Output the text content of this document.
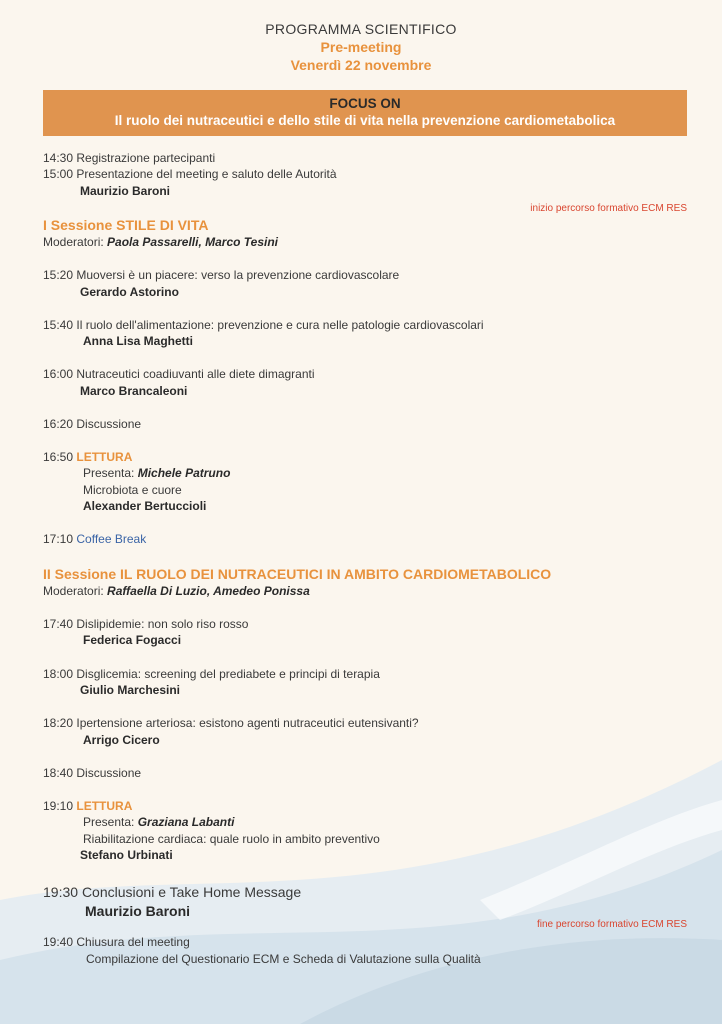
PROGRAMMA SCIENTIFICO
Pre-meeting
Venerdì 22 novembre
FOCUS ON
Il ruolo dei nutraceutici e dello stile di vita nella prevenzione cardiometabolica
14:30 Registrazione partecipanti
15:00 Presentazione del meeting e saluto delle Autorità
Maurizio Baroni
inizio percorso formativo ECM RES
I Sessione STILE DI VITA
Moderatori: Paola Passarelli, Marco Tesini
15:20 Muoversi è un piacere: verso la prevenzione cardiovascolare
Gerardo Astorino
15:40 Il ruolo dell'alimentazione: prevenzione e cura nelle patologie cardiovascolari
Anna Lisa Maghetti
16:00 Nutraceutici coadiuvanti alle diete dimagranti
Marco Brancaleoni
16:20 Discussione
16:50 LETTURA
Presenta: Michele Patruno
Microbiota e cuore
Alexander Bertuccioli
17:10 Coffee Break
II Sessione IL RUOLO DEI NUTRACEUTICI IN AMBITO CARDIOMETABOLICO
Moderatori: Raffaella Di Luzio, Amedeo Ponissa
17:40 Dislipidemie: non solo riso rosso
Federica Fogacci
18:00 Disglicemia: screening del prediabete e principi di terapia
Giulio Marchesini
18:20 Ipertensione arteriosa: esistono agenti nutraceutici eutensivanti?
Arrigo Cicero
18:40 Discussione
19:10 LETTURA
Presenta: Graziana Labanti
Riabilitazione cardiaca: quale ruolo in ambito preventivo
Stefano Urbinati
19:30 Conclusioni e Take Home Message
Maurizio Baroni
fine percorso formativo ECM RES
19:40 Chiusura del meeting
Compilazione del Questionario ECM e Scheda di Valutazione sulla Qualità
